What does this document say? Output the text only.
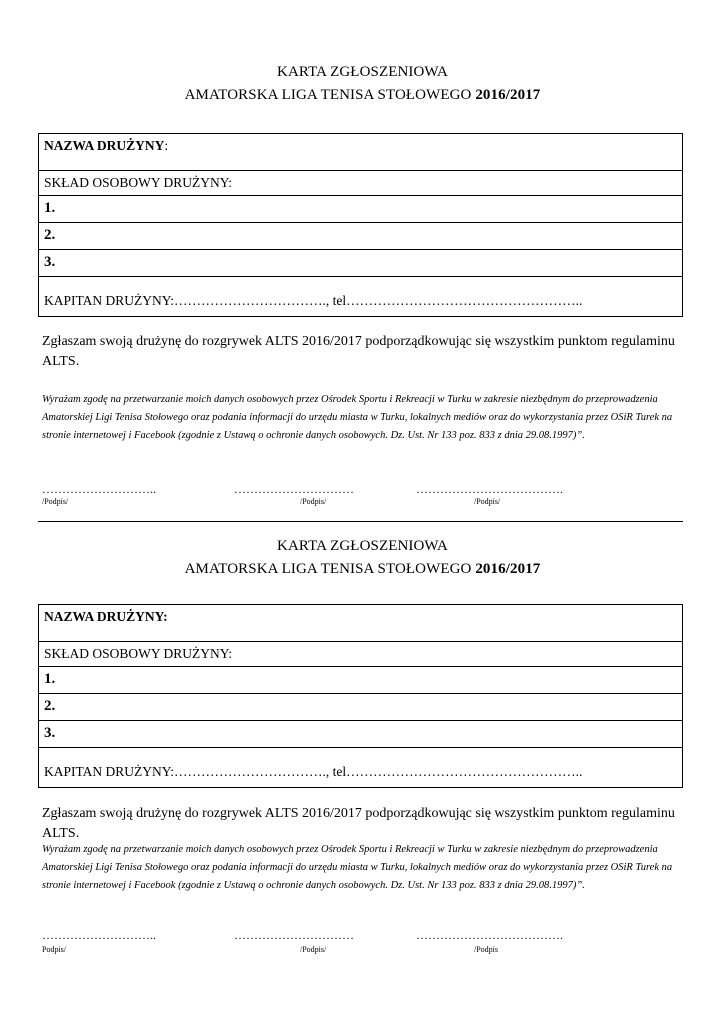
KARTA ZGŁOSZENIOWA
AMATORSKA LIGA TENISA STOŁOWEGO 2016/2017
NAZWA DRUŻYNY:
SKŁAD OSOBOWY DRUŻYNY:
1.
2.
3.
KAPITAN DRUŻYNY:……………………………., tel……………………………………………..
Zgłaszam swoją drużynę do rozgrywek ALTS 2016/2017 podporządkowując się wszystkim punktom regulaminu ALTS.
Wyrażam zgodę na przetwarzanie moich danych osobowych przez Ośrodek Sportu i Rekreacji w Turku w zakresie niezbędnym do przeprowadzenia Amatorskiej Ligi Tenisa Stołowego oraz podania informacji do urzędu miasta w Turku, lokalnych mediów oraz do wykorzystania przez OSiR Turek na stronie internetowej i Facebook (zgodnie z Ustawą o ochronie danych osobowych. Dz. Ust. Nr 133 poz. 833 z dnia 29.08.1997)”.
………………………..	…………………………	……………………………….
/Podpis/	/Podpis/	/Podpis/
KARTA ZGŁOSZENIOWA
AMATORSKA LIGA TENISA STOŁOWEGO 2016/2017
NAZWA DRUŻYNY:
SKŁAD OSOBOWY DRUŻYNY:
1.
2.
3.
KAPITAN DRUŻYNY:……………………………., tel……………………………………………..
Zgłaszam swoją drużynę do rozgrywek ALTS 2016/2017 podporządkowując się wszystkim punktom regulaminu ALTS.
Wyrażam zgodę na przetwarzanie moich danych osobowych przez Ośrodek Sportu i Rekreacji w Turku w zakresie niezbędnym do przeprowadzenia Amatorskiej Ligi Tenisa Stołowego oraz podania informacji do urzędu miasta w Turku, lokalnych mediów oraz do wykorzystania przez OSiR Turek na stronie internetowej i Facebook (zgodnie z Ustawą o ochronie danych osobowych. Dz. Ust. Nr 133 poz. 833 z dnia 29.08.1997)”.
………………………..	…………………………	……………………………….
Podpis/	/Podpis/	/Podpis
